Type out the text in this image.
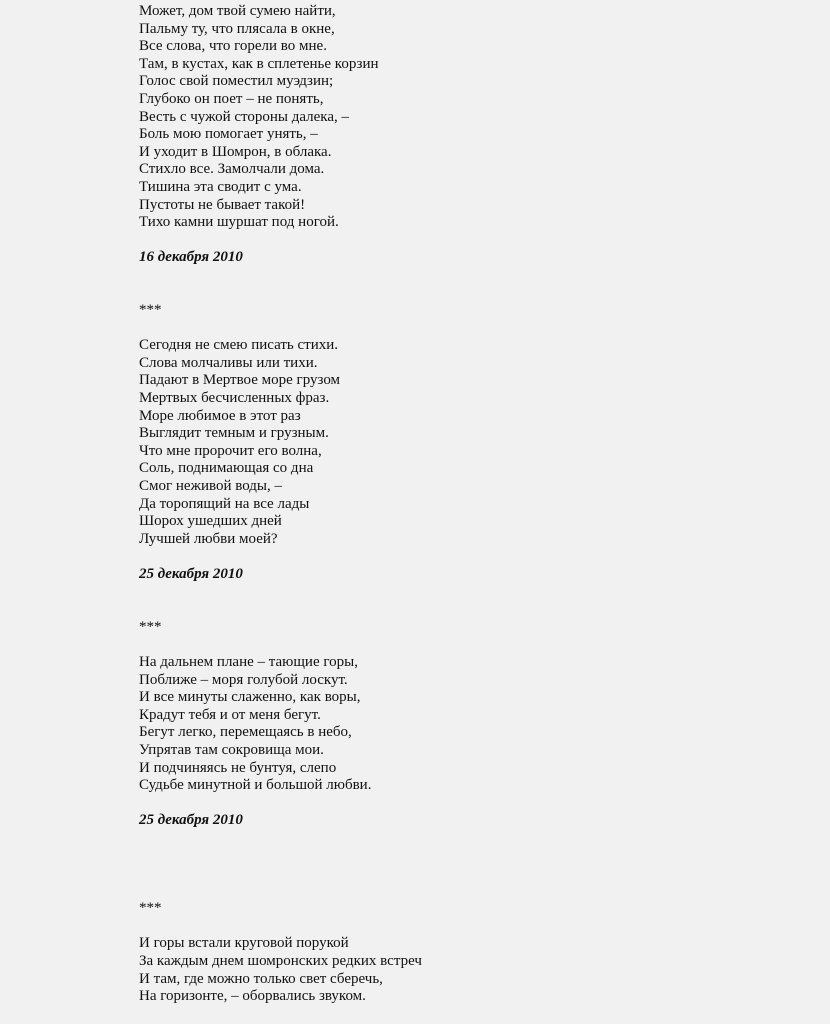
Может, дом твой сумею найти,
Пальму ту, что плясала в окне,
Все слова, что горели во мне.
Там, в кустах, как в сплетенье корзин
Голос свой поместил муэдзин;
Глубоко он поет – не понять,
Весть с чужой стороны далека, –
Боль мою помогает унять, –
И уходит в Шомрон, в облака.
Стихло все. Замолчали дома.
Тишина эта сводит с ума.
Пустоты не бывает такой!
Тихо камни шуршат под ногой.
16 декабря 2010
***
Сегодня не смею писать стихи.
Слова молчаливы или тихи.
Падают в Мертвое море грузом
Мертвых бесчисленных фраз.
Море любимое в этот раз
Выглядит темным и грузным.
Что мне пророчит его волна,
Соль, поднимающая со дна
Смог неживой воды, –
Да торопящий на все лады
Шорох ушедших дней
Лучшей любви моей?
25 декабря 2010
***
На дальнем плане – тающие горы,
Поближе – моря голубой лоскут.
И все минуты слаженно, как воры,
Крадут тебя и от меня бегут.
Бегут легко, перемещаясь в небо,
Упрятав там сокровища мои.
И подчиняясь не бунтуя, слепо
Судьбе минутной и большой любви.
25 декабря 2010
***
И горы встали круговой порукой
За каждым днем шомронских редких встреч
И там, где можно только свет сберечь,
На горизонте, – оборвались звуком.
